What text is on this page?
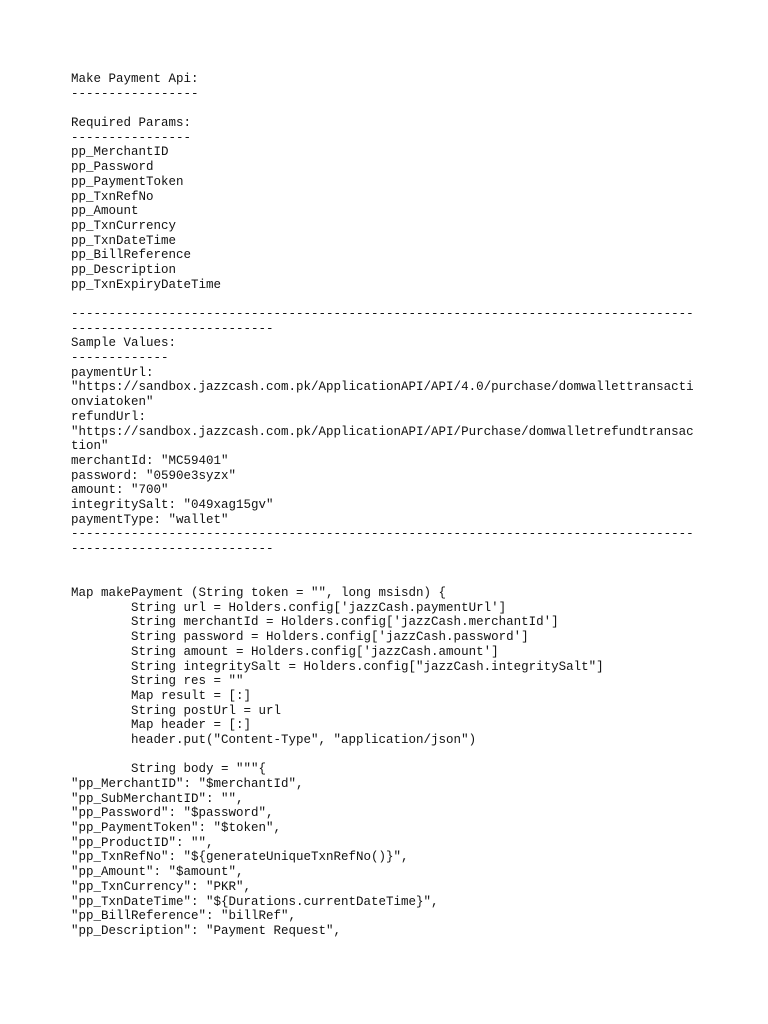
Make Payment Api:
-----------------
Required Params:
----------------
pp_MerchantID
pp_Password
pp_PaymentToken
pp_TxnRefNo
pp_Amount
pp_TxnCurrency
pp_TxnDateTime
pp_BillReference
pp_Description
pp_TxnExpiryDateTime
-----------------------------------------------------------------------------------
---------------------------
Sample Values:
-------------
paymentUrl:
"https://sandbox.jazzcash.com.pk/ApplicationAPI/API/4.0/purchase/domwallettransacti
onviatoken"
refundUrl:
"https://sandbox.jazzcash.com.pk/ApplicationAPI/API/Purchase/domwalletrefundtransac
tion"
merchantId: "MC59401"
password: "0590e3syzx"
amount: "700"
integritySalt: "049xag15gv"
paymentType: "wallet"
-----------------------------------------------------------------------------------
---------------------------
Map makePayment (String token = "", long msisdn) {
String url = Holders.config['jazzCash.paymentUrl']
String merchantId = Holders.config['jazzCash.merchantId']
String password = Holders.config['jazzCash.password']
String amount = Holders.config['jazzCash.amount']
String integritySalt = Holders.config["jazzCash.integritySalt"]
String res = ""
Map result = [:]
String postUrl = url
Map header = [:]
header.put("Content-Type", "application/json")
String body = """{
"pp_MerchantID": "$merchantId",
"pp_SubMerchantID": "",
"pp_Password": "$password",
"pp_PaymentToken": "$token",
"pp_ProductID": "",
"pp_TxnRefNo": "${generateUniqueTxnRefNo()}",
"pp_Amount": "$amount",
"pp_TxnCurrency": "PKR",
"pp_TxnDateTime": "${Durations.currentDateTime}",
"pp_BillReference": "billRef",
"pp_Description": "Payment Request",
